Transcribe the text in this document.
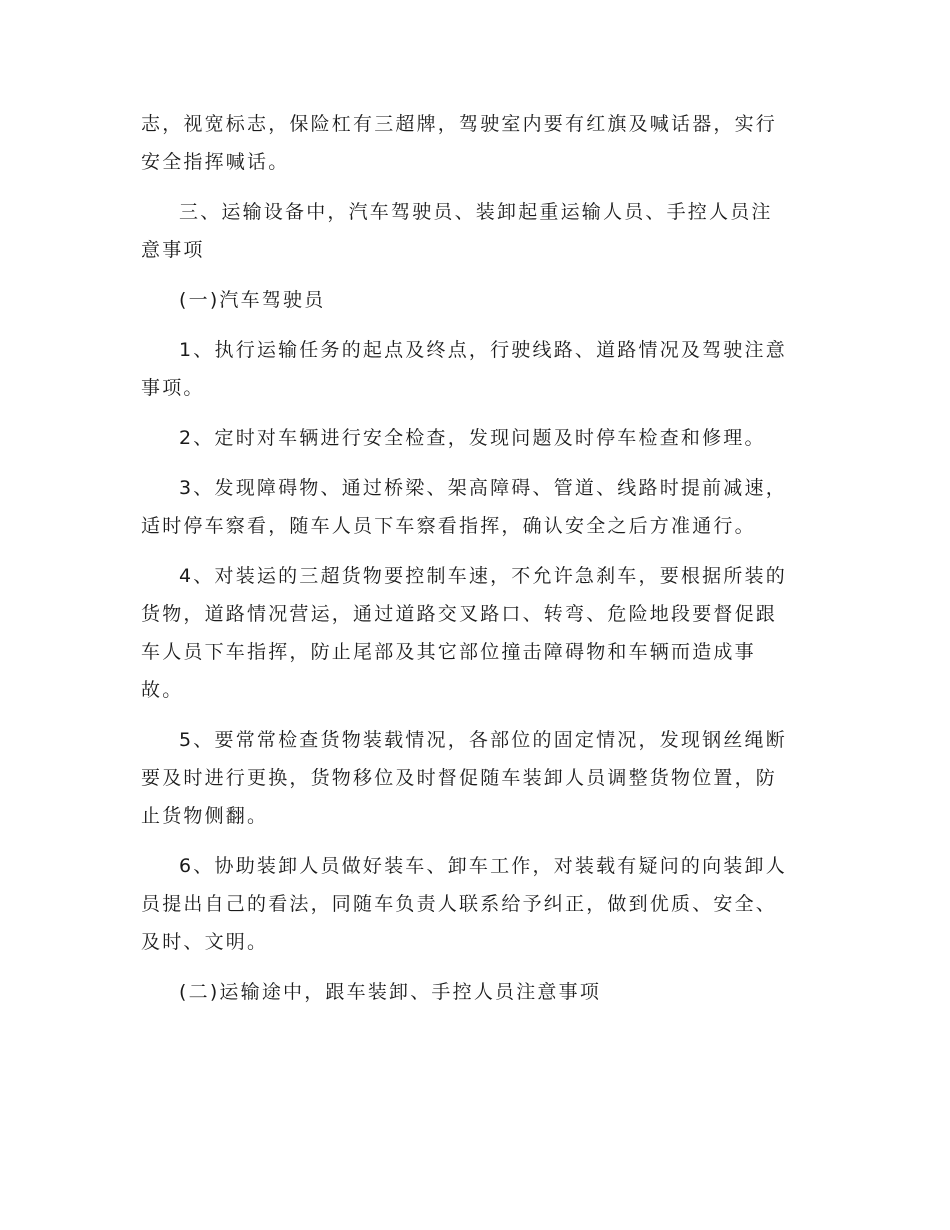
志，视宽标志，保险杠有三超牌，驾驶室内要有红旗及喊话器，实行
安全指挥喊话。

三、运输设备中，汽车驾驶员、装卸起重运输人员、手控人员注
意事项

(一)汽车驾驶员

1、执行运输任务的起点及终点，行驶线路、道路情况及驾驶注意
事项。

2、定时对车辆进行安全检查，发现问题及时停车检查和修理。

3、发现障碍物、通过桥梁、架高障碍、管道、线路时提前减速，
适时停车察看，随车人员下车察看指挥，确认安全之后方准通行。

4、对装运的三超货物要控制车速，不允许急刹车，要根据所装的
货物，道路情况营运，通过道路交叉路口、转弯、危险地段要督促跟
车人员下车指挥，防止尾部及其它部位撞击障碍物和车辆而造成事
故。

5、要常常检查货物装载情况，各部位的固定情况，发现钢丝绳断
要及时进行更换，货物移位及时督促随车装卸人员调整货物位置，防
止货物侧翻。

6、协助装卸人员做好装车、卸车工作，对装载有疑问的向装卸人
员提出自己的看法，同随车负责人联系给予纠正，做到优质、安全、
及时、文明。

(二)运输途中，跟车装卸、手控人员注意事项
